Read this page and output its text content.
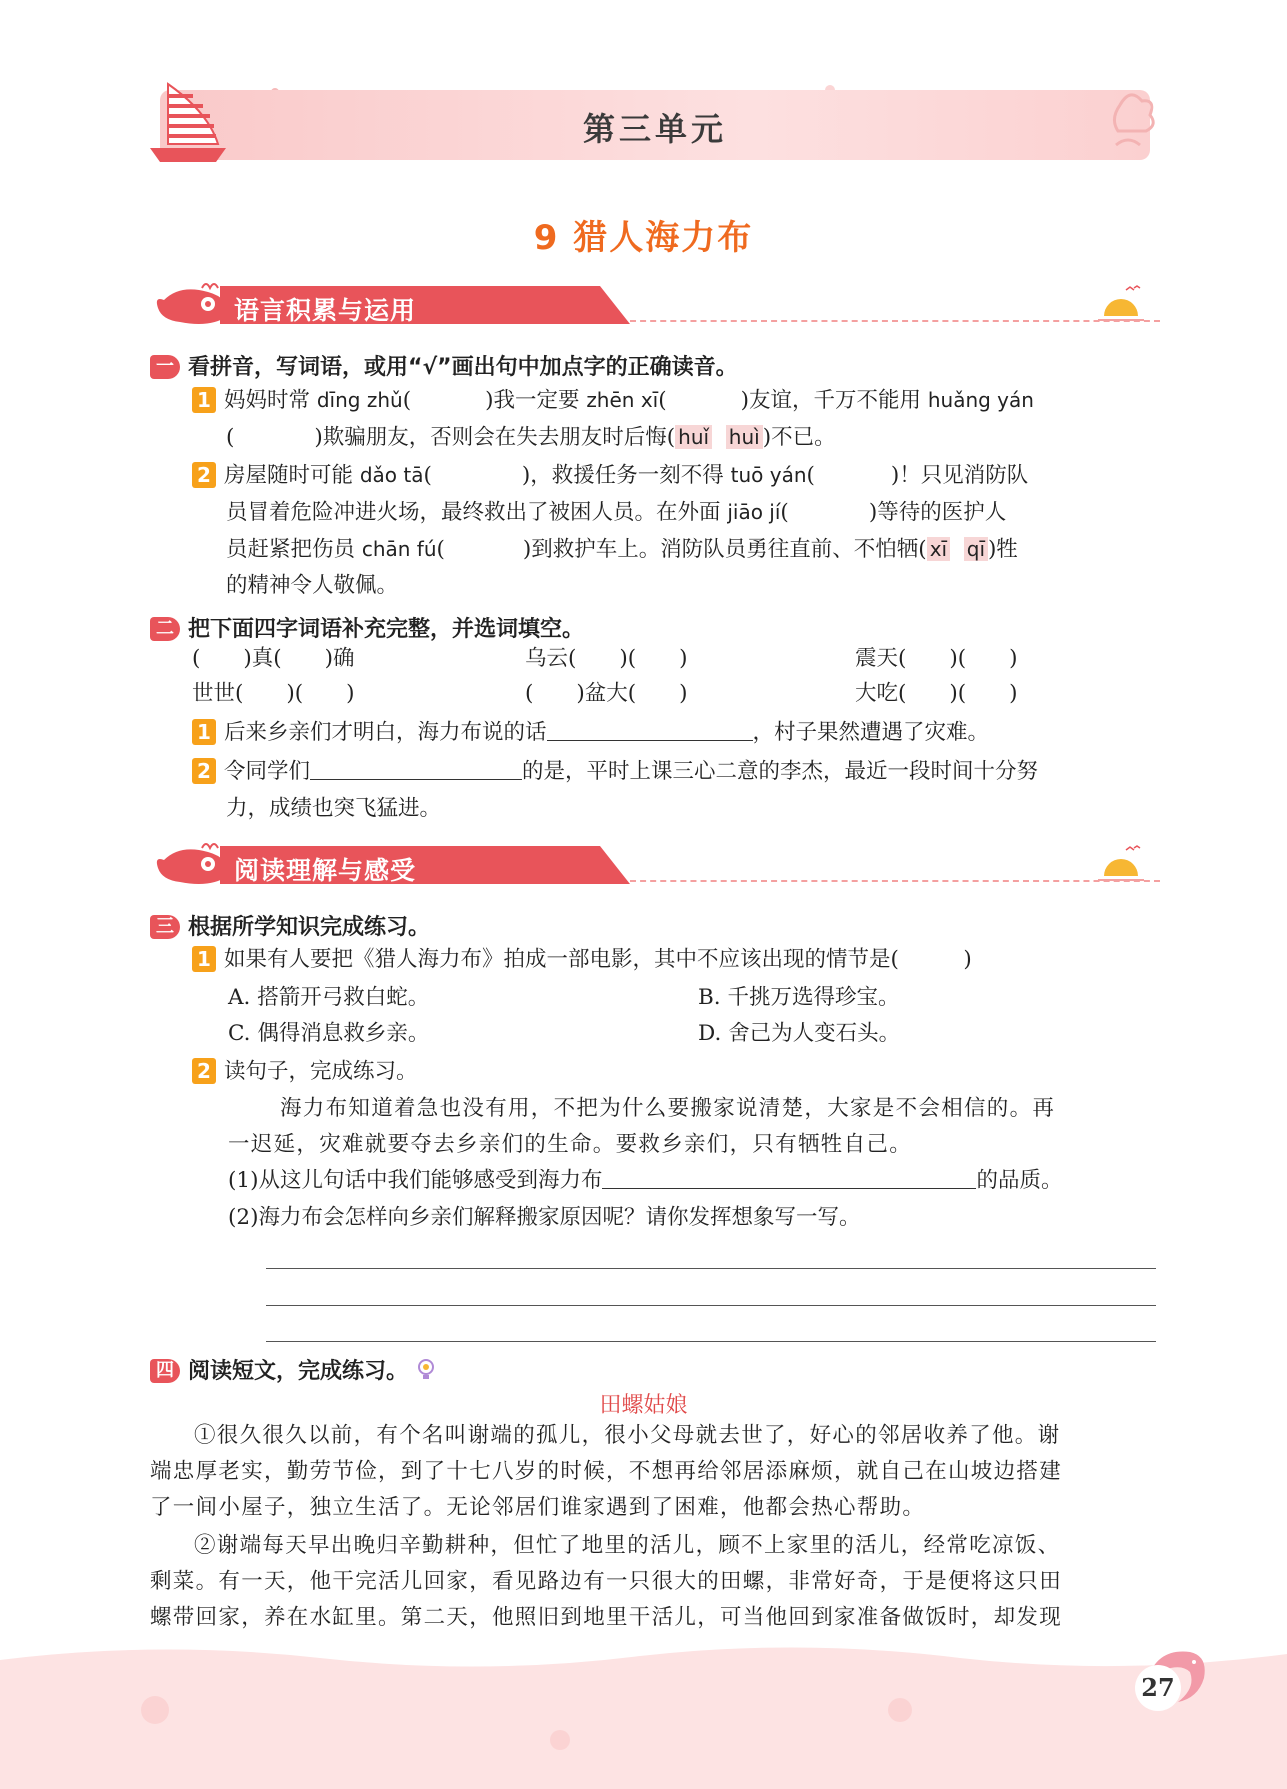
第三单元
9 猎人海力布
语言积累与运用
一 看拼音，写词语，或用“√”画出句中加点字的正确读音。
1 妈妈时常 dīng zhǔ(	)我一定要 zhēn xī(	)友谊，千万不能用 huǎng yán
(	)欺骗朋友，否则会在失去朋友时后悔( huǐ huì )不已。
2 房屋随时可能 dǎo tā(	)，救援任务一刻不得 tuō yán(	)！只见消防队
员冒着危险冲进火场，最终救出了被困人员。在外面 jiāo jí(	)等待的医护人
员赶紧把伤员 chān fú(	)到救护车上。消防队员勇往直前、不怕牺( xī qī )牲
的精神令人敬佩。
二 把下面四字词语补充完整，并选词填空。
(　　)真(　　)确	乌云(　　)(　　)	震天(　　)(　　)
世世(　　)(　　)	(　　)盆大(　　)	大吃(　　)(　　)
1 后来乡亲们才明白，海力布说的话	，村子果然遭遇了灾难。
2 令同学们	的是，平时上课三心二意的李杰，最近一段时间十分努
力，成绩也突飞猛进。
阅读理解与感受
三 根据所学知识完成练习。
1 如果有人要把《猎人海力布》拍成一部电影，其中不应该出现的情节是(　　　)
A. 搭箭开弓救白蛇。	B. 千挑万选得珍宝。
C. 偶得消息救乡亲。	D. 舍己为人变石头。
2 读句子，完成练习。
海力布知道着急也没有用，不把为什么要搬家说清楚，大家是不会相信的。再
一迟延，灾难就要夺去乡亲们的生命。要救乡亲们，只有牺牲自己。
(1)从这儿句话中我们能够感受到海力布	的品质。
(2)海力布会怎样向乡亲们解释搬家原因呢？请你发挥想象写一写。
四 阅读短文，完成练习。
田螺姑娘
①很久很久以前，有个名叫谢端的孤儿，很小父母就去世了，好心的邻居收养了他。谢
端忠厚老实，勤劳节俭，到了十七八岁的时候，不想再给邻居添麻烦，就自己在山坡边搭建
了一间小屋子，独立生活了。无论邻居们谁家遇到了困难，他都会热心帮助。
②谢端每天早出晚归辛勤耕种，但忙了地里的活儿，顾不上家里的活儿，经常吃凉饭、
剩菜。有一天，他干完活儿回家，看见路边有一只很大的田螺，非常好奇，于是便将这只田
螺带回家，养在水缸里。第二天，他照旧到地里干活儿，可当他回到家准备做饭时，却发现
27
